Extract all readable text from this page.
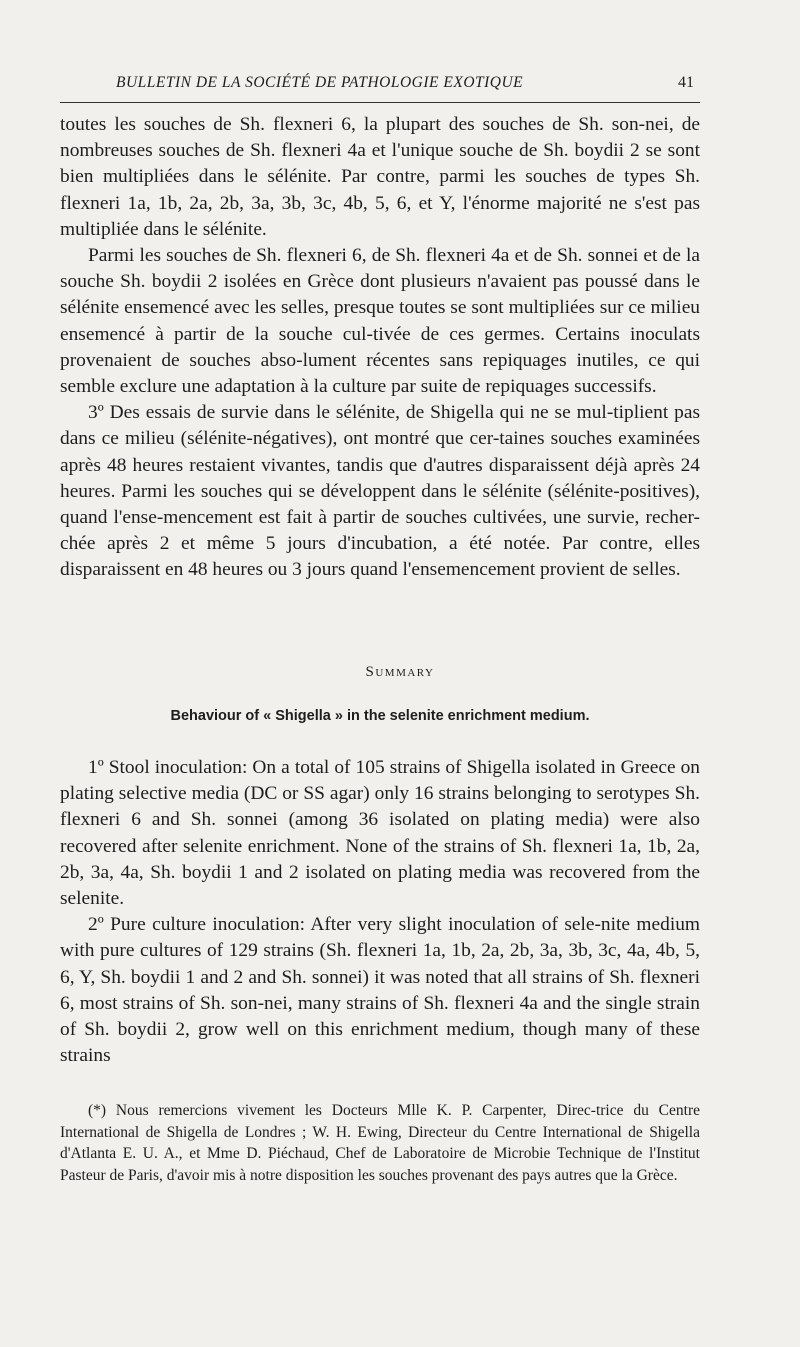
BULLETIN DE LA SOCIÉTÉ DE PATHOLOGIE EXOTIQUE	41

toutes les souches de Sh. flexneri 6, la plupart des souches de Sh. son-nei, de nombreuses souches de Sh. flexneri 4a et l'unique souche de Sh. boydii 2 se sont bien multipliées dans le sélénite. Par contre, parmi les souches de types Sh. flexneri 1a, 1b, 2a, 2b, 3a, 3b, 3c, 4b, 5, 6, et Y, l'énorme majorité ne s'est pas multipliée dans le sélénite.

Parmi les souches de Sh. flexneri 6, de Sh. flexneri 4a et de Sh. sonnei et de la souche Sh. boydii 2 isolées en Grèce dont plusieurs n'avaient pas poussé dans le sélénite ensemencé avec les selles, presque toutes se sont multipliées sur ce milieu ensemencé à partir de la souche cul-tivée de ces germes. Certains inoculats provenaient de souches abso-lument récentes sans repiquages inutiles, ce qui semble exclure une adaptation à la culture par suite de repiquages successifs.

3º Des essais de survie dans le sélénite, de Shigella qui ne se mul-tiplient pas dans ce milieu (sélénite-négatives), ont montré que cer-taines souches examinées après 48 heures restaient vivantes, tandis que d'autres disparaissent déjà après 24 heures. Parmi les souches qui se développent dans le sélénite (sélénite-positives), quand l'ense-mencement est fait à partir de souches cultivées, une survie, recher-chée après 2 et même 5 jours d'incubation, a été notée. Par contre, elles disparaissent en 48 heures ou 3 jours quand l'ensemencement provient de selles.

Summary
Behaviour of « Shigella » in the selenite enrichment medium.

1º Stool inoculation: On a total of 105 strains of Shigella isolated in Greece on plating selective media (DC or SS agar) only 16 strains belonging to serotypes Sh. flexneri 6 and Sh. sonnei (among 36 isolated on plating media) were also recovered after selenite enrichment. None of the strains of Sh. flexneri 1a, 1b, 2a, 2b, 3a, 4a, Sh. boydii 1 and 2 isolated on plating media was recovered from the selenite.

2º Pure culture inoculation: After very slight inoculation of sele-nite medium with pure cultures of 129 strains (Sh. flexneri 1a, 1b, 2a, 2b, 3a, 3b, 3c, 4a, 4b, 5, 6, Y, Sh. boydii 1 and 2 and Sh. sonnei) it was noted that all strains of Sh. flexneri 6, most strains of Sh. son-nei, many strains of Sh. flexneri 4a and the single strain of Sh. boydii 2, grow well on this enrichment medium, though many of these strains

(*) Nous remercions vivement les Docteurs Mlle K. P. Carpenter, Direc-trice du Centre International de Shigella de Londres ; W. H. Ewing, Directeur du Centre International de Shigella d'Atlanta E. U. A., et Mme D. Piéchaud, Chef de Laboratoire de Microbie Technique de l'Institut Pasteur de Paris, d'avoir mis à notre disposition les souches provenant des pays autres que la Grèce.
